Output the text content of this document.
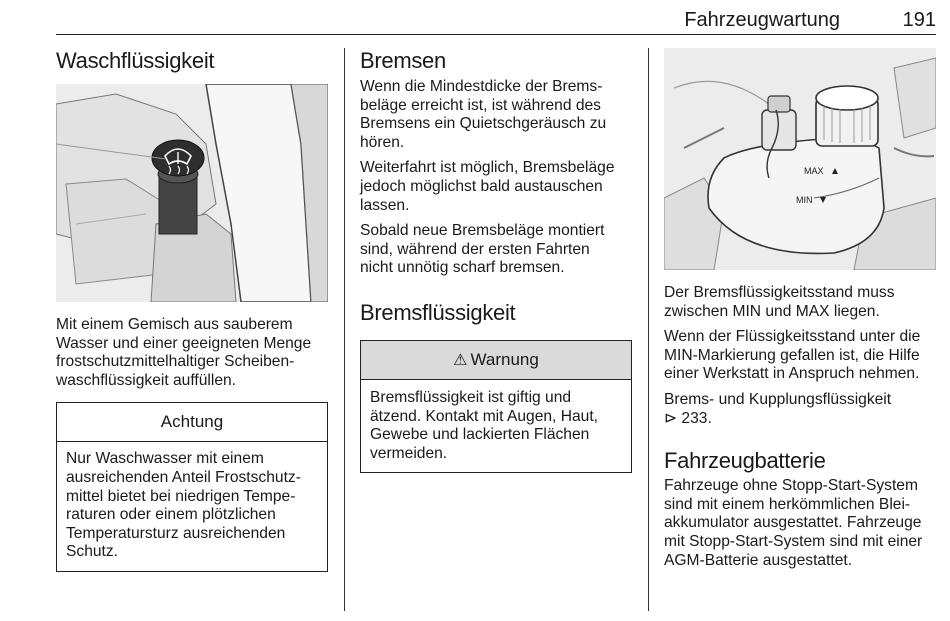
Fahrzeugwartung	191
Waschflüssigkeit

Mit einem Gemisch aus sauberem

Wasser und einer geeigneten Menge

frostschutzmittelhaltiger Scheiben-

waschflüssigkeit auffüllen.

Achtung

Nur Waschwasser mit einem

ausreichenden Anteil Frostschutz-

mittel bietet bei niedrigen Tempe-

raturen oder einem plötzlichen

Temperatursturz ausreichenden

Schutz.

Bremsen

Wenn die Mindestdicke der Brems-

beläge erreicht ist, ist während des

Bremsens ein Quietschgeräusch zu

hören.

Weiterfahrt ist möglich, Bremsbeläge

jedoch möglichst bald austauschen

lassen.

Sobald neue Bremsbeläge montiert

sind, während der ersten Fahrten

nicht unnötig scharf bremsen.

Bremsflüssigkeit
⚠ Warnung

Bremsflüssigkeit ist giftig und

ätzend. Kontakt mit Augen, Haut,

Gewebe und lackierten Flächen

vermeiden.

MAX
MIN

Der Bremsflüssigkeitsstand muss

zwischen MIN und MAX liegen.

Wenn der Flüssigkeitsstand unter die

MIN-Markierung gefallen ist, die Hilfe

einer Werkstatt in Anspruch nehmen.

Brems- und Kupplungsflüssigkeit

⊳ 233.

Fahrzeugbatterie

Fahrzeuge ohne Stopp-Start-System

sind mit einem herkömmlichen Blei-

akkumulator ausgestattet. Fahrzeuge

mit Stopp-Start-System sind mit einer

AGM-Batterie ausgestattet.
